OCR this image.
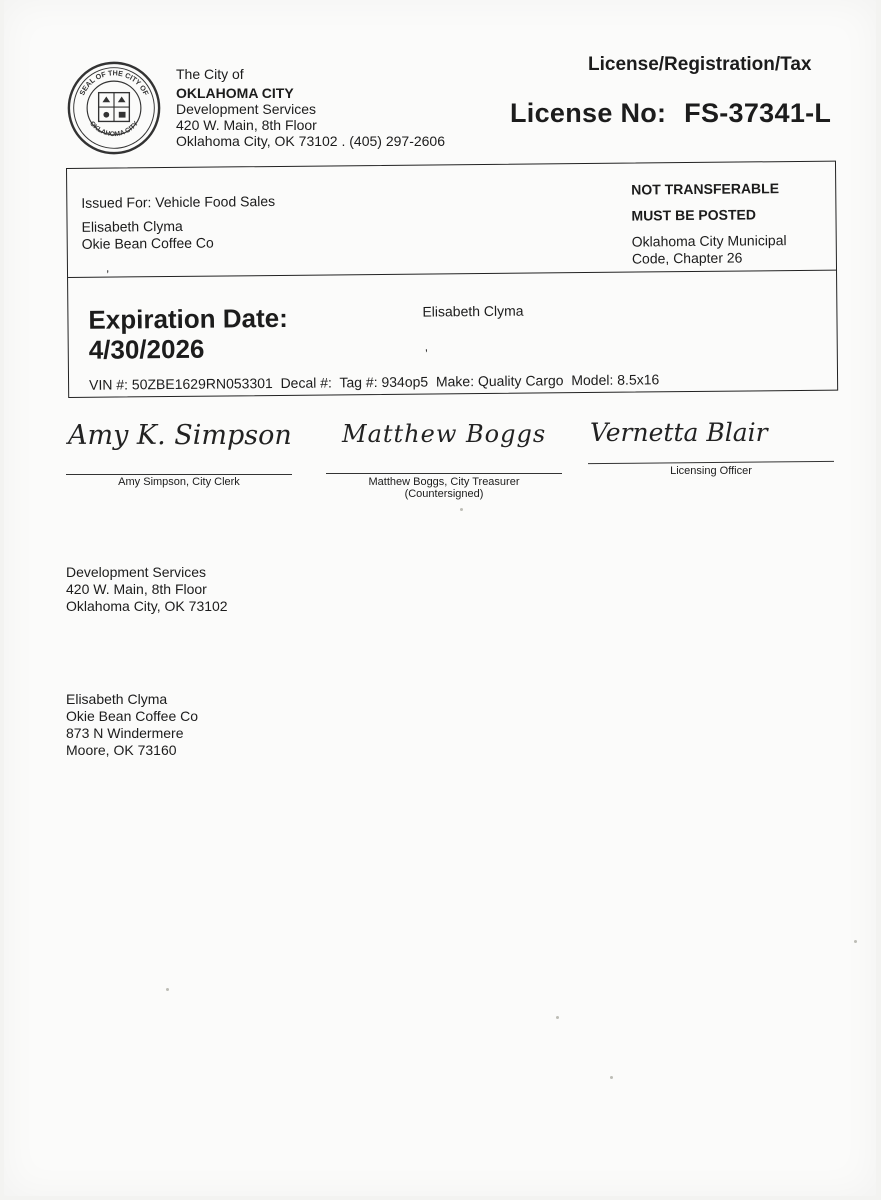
SEAL OF THE CITY OF
OKLAHOMA CITY
The City of
OKLAHOMA CITY
Development Services
420 W. Main, 8th Floor
Oklahoma City, OK 73102 . (405) 297-2606
License/Registration/Tax
License No: FS-37341-L
Issued For: Vehicle Food Sales
Elisabeth Clyma
Okie Bean Coffee Co
,
NOT TRANSFERABLE
MUST BE POSTED
Oklahoma City Municipal
Code, Chapter 26
Expiration Date:
4/30/2026
Elisabeth Clyma
,
VIN #: 50ZBE1629RN053301  Decal #:  Tag #: 934op5  Make: Quality Cargo  Model: 8.5x16
Amy K. Simpson
Amy Simpson, City Clerk
Matthew Boggs
Matthew Boggs, City Treasurer
(Countersigned)
Vernetta Blair
Licensing Officer
Development Services
420 W. Main, 8th Floor
Oklahoma City, OK 73102
Elisabeth Clyma
Okie Bean Coffee Co
873 N Windermere
Moore, OK 73160
